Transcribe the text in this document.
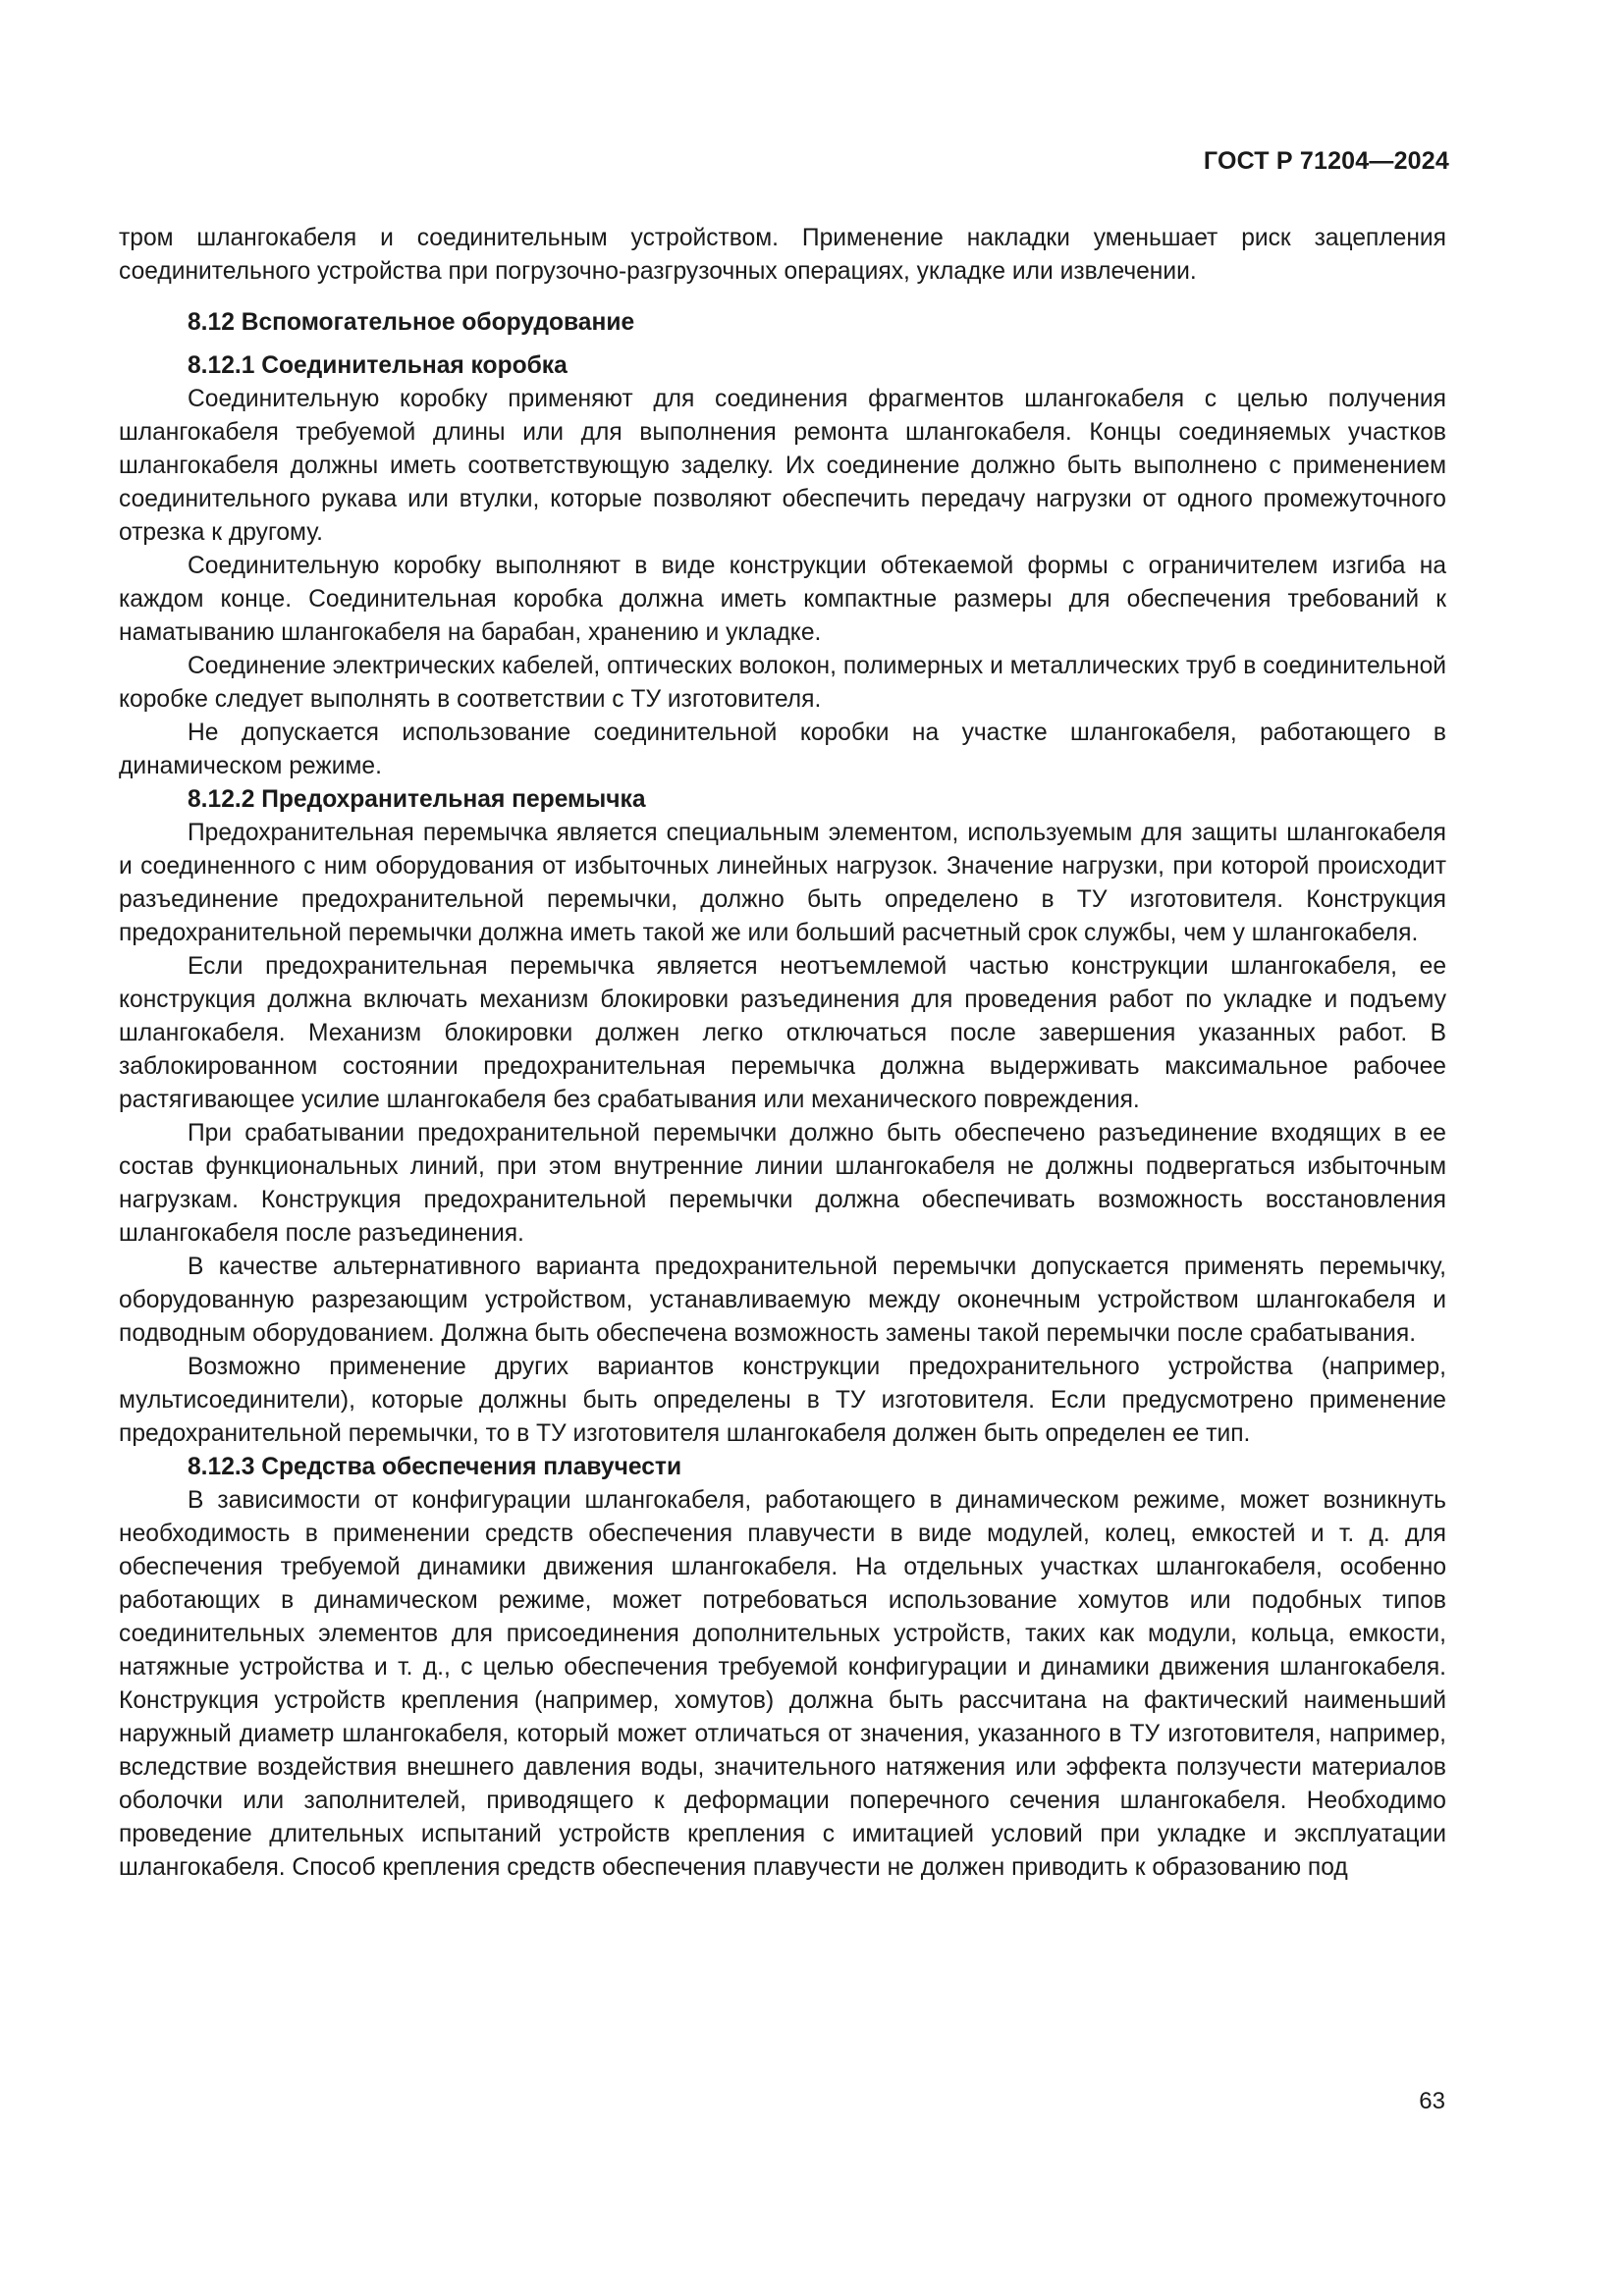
ГОСТ Р 71204—2024

тром шлангокабеля и соединительным устройством. Применение накладки уменьшает риск зацепления соединительного устройства при погрузочно-разгрузочных операциях, укладке или извлечении.

8.12 Вспомогательное оборудование
8.12.1 Соединительная коробка

Соединительную коробку применяют для соединения фрагментов шлангокабеля с целью получения шлангокабеля требуемой длины или для выполнения ремонта шлангокабеля. Концы соединяемых участков шлангокабеля должны иметь соответствующую заделку. Их соединение должно быть выполнено с применением соединительного рукава или втулки, которые позволяют обеспечить передачу нагрузки от одного промежуточного отрезка к другому.

Соединительную коробку выполняют в виде конструкции обтекаемой формы с ограничителем изгиба на каждом конце. Соединительная коробка должна иметь компактные размеры для обеспечения требований к наматыванию шлангокабеля на барабан, хранению и укладке.

Соединение электрических кабелей, оптических волокон, полимерных и металлических труб в соединительной коробке следует выполнять в соответствии с ТУ изготовителя.

Не допускается использование соединительной коробки на участке шлангокабеля, работающего в динамическом режиме.

8.12.2 Предохранительная перемычка

Предохранительная перемычка является специальным элементом, используемым для защиты шлангокабеля и соединенного с ним оборудования от избыточных линейных нагрузок. Значение нагрузки, при которой происходит разъединение предохранительной перемычки, должно быть определено в ТУ изготовителя. Конструкция предохранительной перемычки должна иметь такой же или больший расчетный срок службы, чем у шлангокабеля.

Если предохранительная перемычка является неотъемлемой частью конструкции шлангокабеля, ее конструкция должна включать механизм блокировки разъединения для проведения работ по укладке и подъему шлангокабеля. Механизм блокировки должен легко отключаться после завершения указанных работ. В заблокированном состоянии предохранительная перемычка должна выдерживать максимальное рабочее растягивающее усилие шлангокабеля без срабатывания или механического повреждения.

При срабатывании предохранительной перемычки должно быть обеспечено разъединение входящих в ее состав функциональных линий, при этом внутренние линии шлангокабеля не должны подвергаться избыточным нагрузкам. Конструкция предохранительной перемычки должна обеспечивать возможность восстановления шлангокабеля после разъединения.

В качестве альтернативного варианта предохранительной перемычки допускается применять перемычку, оборудованную разрезающим устройством, устанавливаемую между оконечным устройством шлангокабеля и подводным оборудованием. Должна быть обеспечена возможность замены такой перемычки после срабатывания.

Возможно применение других вариантов конструкции предохранительного устройства (например, мультисоединители), которые должны быть определены в ТУ изготовителя. Если предусмотрено применение предохранительной перемычки, то в ТУ изготовителя шлангокабеля должен быть определен ее тип.

8.12.3 Средства обеспечения плавучести

В зависимости от конфигурации шлангокабеля, работающего в динамическом режиме, может возникнуть необходимость в применении средств обеспечения плавучести в виде модулей, колец, емкостей и т. д. для обеспечения требуемой динамики движения шлангокабеля. На отдельных участках шлангокабеля, особенно работающих в динамическом режиме, может потребоваться использование хомутов или подобных типов соединительных элементов для присоединения дополнительных устройств, таких как модули, кольца, емкости, натяжные устройства и т. д., с целью обеспечения требуемой конфигурации и динамики движения шлангокабеля. Конструкция устройств крепления (например, хомутов) должна быть рассчитана на фактический наименьший наружный диаметр шлангокабеля, который может отличаться от значения, указанного в ТУ изготовителя, например, вследствие воздействия внешнего давления воды, значительного натяжения или эффекта ползучести материалов оболочки или заполнителей, приводящего к деформации поперечного сечения шлангокабеля. Необходимо проведение длительных испытаний устройств крепления с имитацией условий при укладке и эксплуатации шлангокабеля. Способ крепления средств обеспечения плавучести не должен приводить к образованию под

63
